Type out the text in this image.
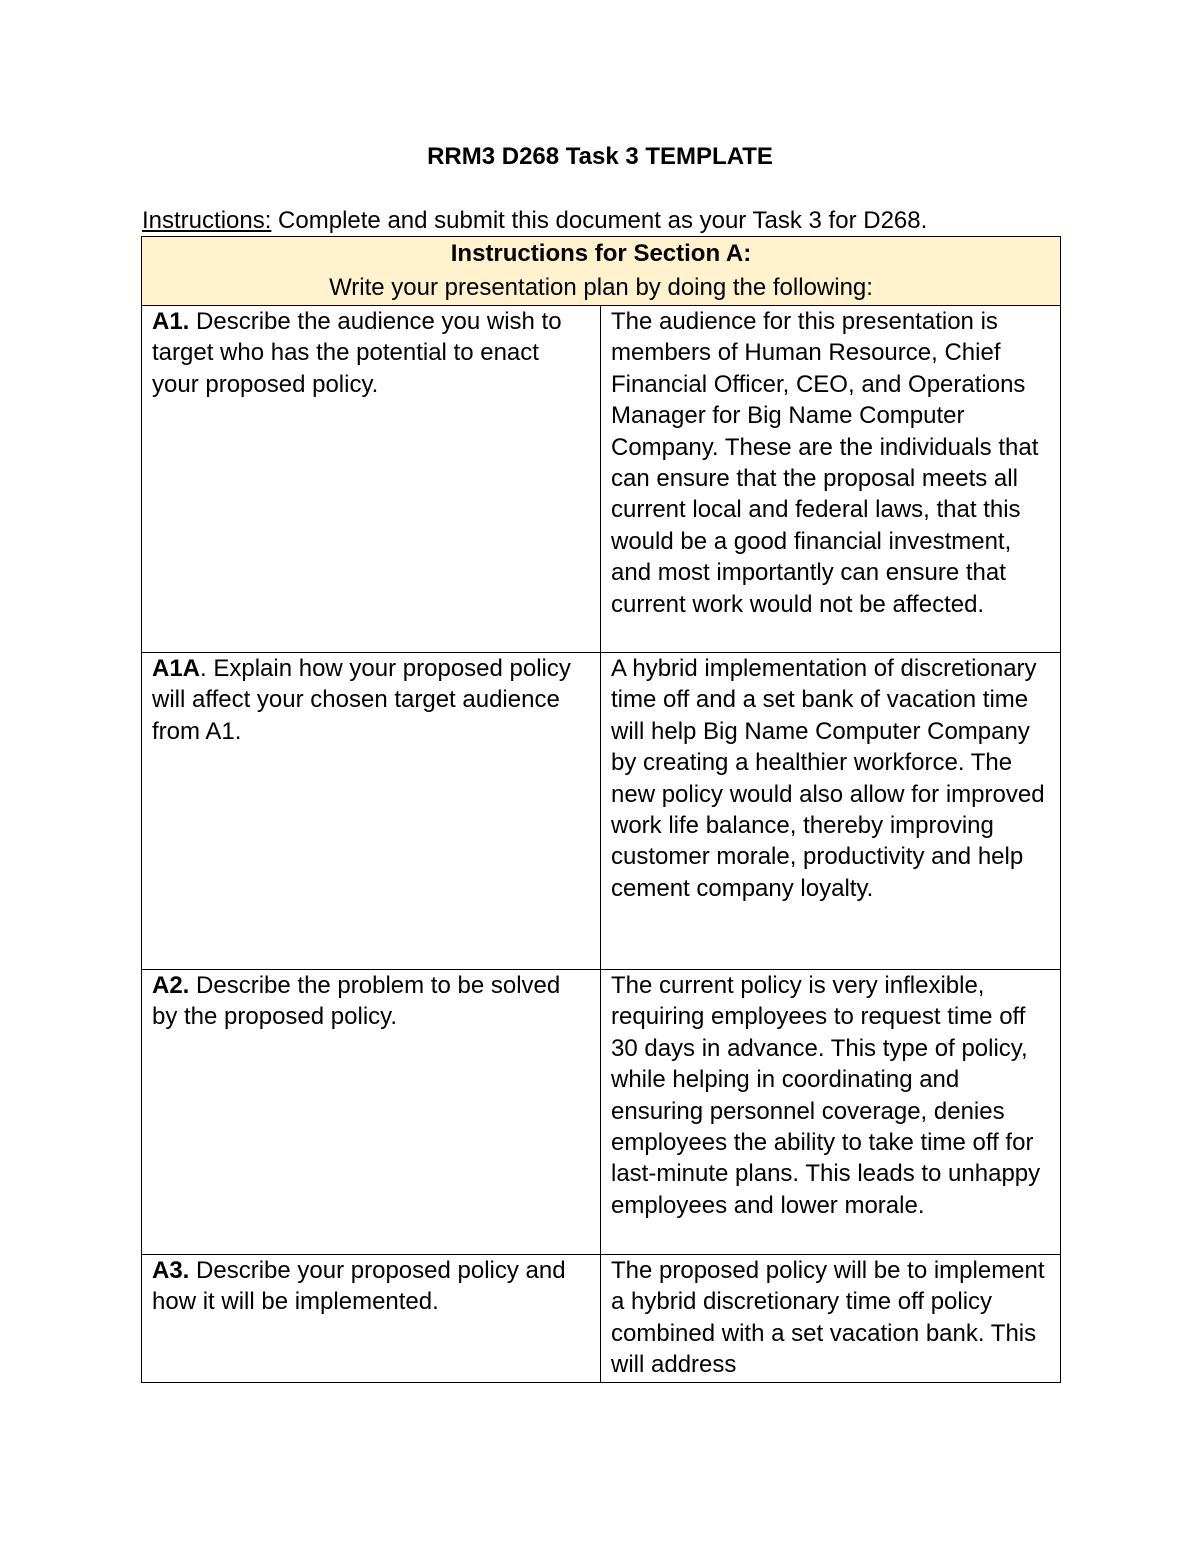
RRM3 D268 Task 3 TEMPLATE
Instructions: Complete and submit this document as your Task 3 for D268.
Instructions for Section A:
Write your presentation plan by doing the following:	

A1. Describe the audience you wish to target who has the potential to enact your proposed policy.	The audience for this presentation is members of Human Resource, Chief Financial Officer, CEO, and Operations Manager for Big Name Computer Company. These are the individuals that can ensure that the proposal meets all current local and federal laws, that this would be a good financial investment, and most importantly can ensure that current work would not be affected.
A1A. Explain how your proposed policy will affect your chosen target audience from A1.	A hybrid implementation of discretionary time off and a set bank of vacation time will help Big Name Computer Company by creating a healthier workforce. The new policy would also allow for improved work life balance, thereby improving customer morale, productivity and help cement company loyalty.
A2. Describe the problem to be solved by the proposed policy.	The current policy is very inflexible, requiring employees to request time off 30 days in advance. This type of policy, while helping in coordinating and ensuring personnel coverage, denies employees the ability to take time off for last-minute plans. This leads to unhappy employees and lower morale.
A3. Describe your proposed policy and how it will be implemented.	The proposed policy will be to implement a hybrid discretionary time off policy combined with a set vacation bank. This will address
